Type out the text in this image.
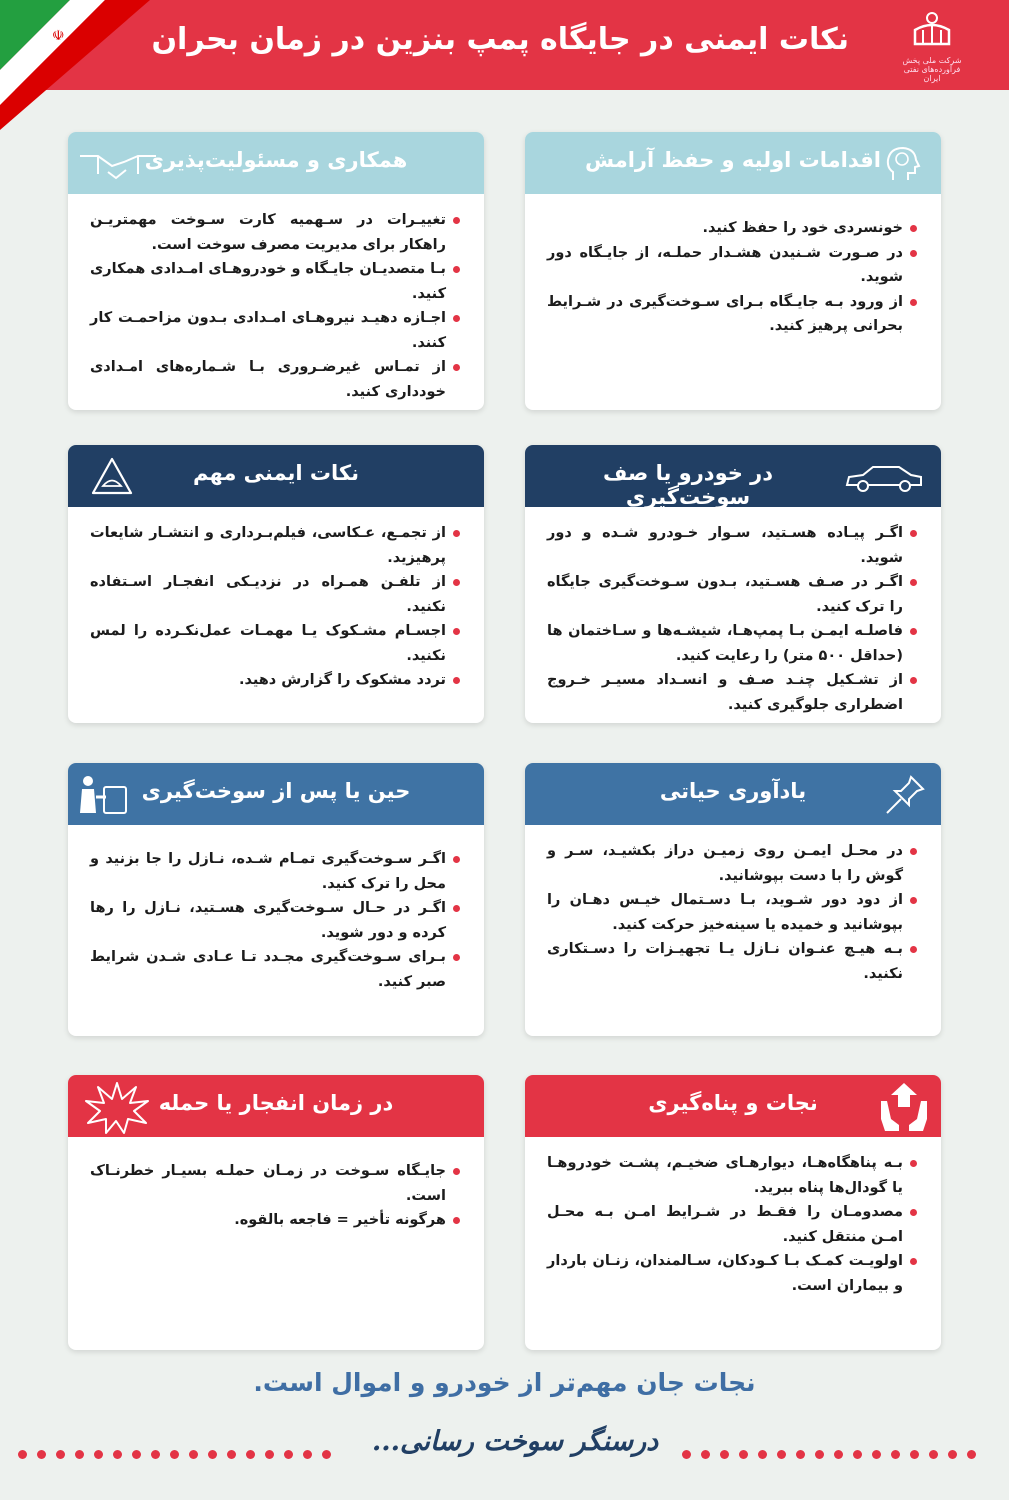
☫	نکات ایمنی در جایگاه پمپ بنزین در زمان بحران
شرکت ملی پخش فرآورده‌های نفتی ایران
اقدامات اولیه و حفظ آرامش
خونسردی خود را حفظ کنید.
در صـورت شـنیدن هشـدار حملـه، از جایـگاه دور شوید.
از ورود بـه جایـگاه بـرای سـوخت‌گیری در شـرایط بحرانی پرهیز کنید.
همکاری و مسئولیت‌پذیری
تغییـرات در سـهمیه کارت سـوخت مهمتریـن راهکار برای مدیریت مصرف سوخت است.
بـا متصدیـان جایـگاه و خودروهـای امـدادی همکاری کنید.
اجـازه دهیـد نیروهـای امـدادی بـدون مزاحمـت کار کنند.
از تمـاس غیرضـروری بـا شـماره‌های امـدادی خودداری کنید.
در خودرو یا صف سوخت‌گیری
اگـر پیـاده هسـتید، سـوار خـودرو شـده و دور شوید.
اگـر در صـف هسـتید، بـدون سـوخت‌گیری جایگاه را ترک کنید.
فاصلـه ایمـن بـا پمپ‌هـا، شیشـه‌ها و سـاختمان ها (حداقل ۵۰۰ متر) را رعایت کنید.
از تشـکیل چنـد صـف و انسـداد مسیـر خـروج اضطراری جلوگیری کنید.
نکات ایمنی مهم
از تجمـع، عـکاسی، فیلم‌بـرداری و انتشـار شایعات پرهیزید.
از تلفـن همـراه در نزدیـکی انفجـار اسـتفاده نکنید.
اجسـام مشـکوک یـا مهمـات عمل‌نکـرده را لمس نکنید.
تردد مشکوک را گزارش دهید.
یادآوری حیاتی
در محـل ایمـن روی زمیـن دراز بکشیـد، سـر و گوش را با دست بپوشانید.
از دود دور شـوید، بـا دسـتمال خیـس دهـان را بپوشانید و خمیده یا سینه‌خیز حرکت کنید.
بـه هیـچ عنـوان نـازل یـا تجهیـزات را دسـتکاری نکنید.
حین یا پس از سوخت‌گیری
اگـر سـوخت‌گیری تمـام شـده، نـازل را جا بزنید و محل را ترک کنید.
اگـر در حـال سـوخت‌گیری هسـتید، نـازل را رها کرده و دور شوید.
بـرای سـوخت‌گیری مجـدد تـا عـادی شـدن شرایط صبر کنید.
نجات و پناه‌گیری
بـه پناهگاه‌هـا، دیوارهـای ضخیـم، پشـت خودروهـا یا گودال‌ها پناه ببرید.
مصدومـان را فقـط در شـرایط امـن بـه محـل امـن منتقل کنید.
اولویـت کمـک بـا کـودکان، سـالمندان، زنـان باردار و بیماران است.
در زمان انفجار یا حمله
جایـگاه سـوخت در زمـان حملـه بسیـار خطرنـاک است.
هرگونه تأخیر = فاجعه بالقوه.
نجات جان مهم‌تر از خودرو و اموال است.
درسنگر سوخت رسانی...
